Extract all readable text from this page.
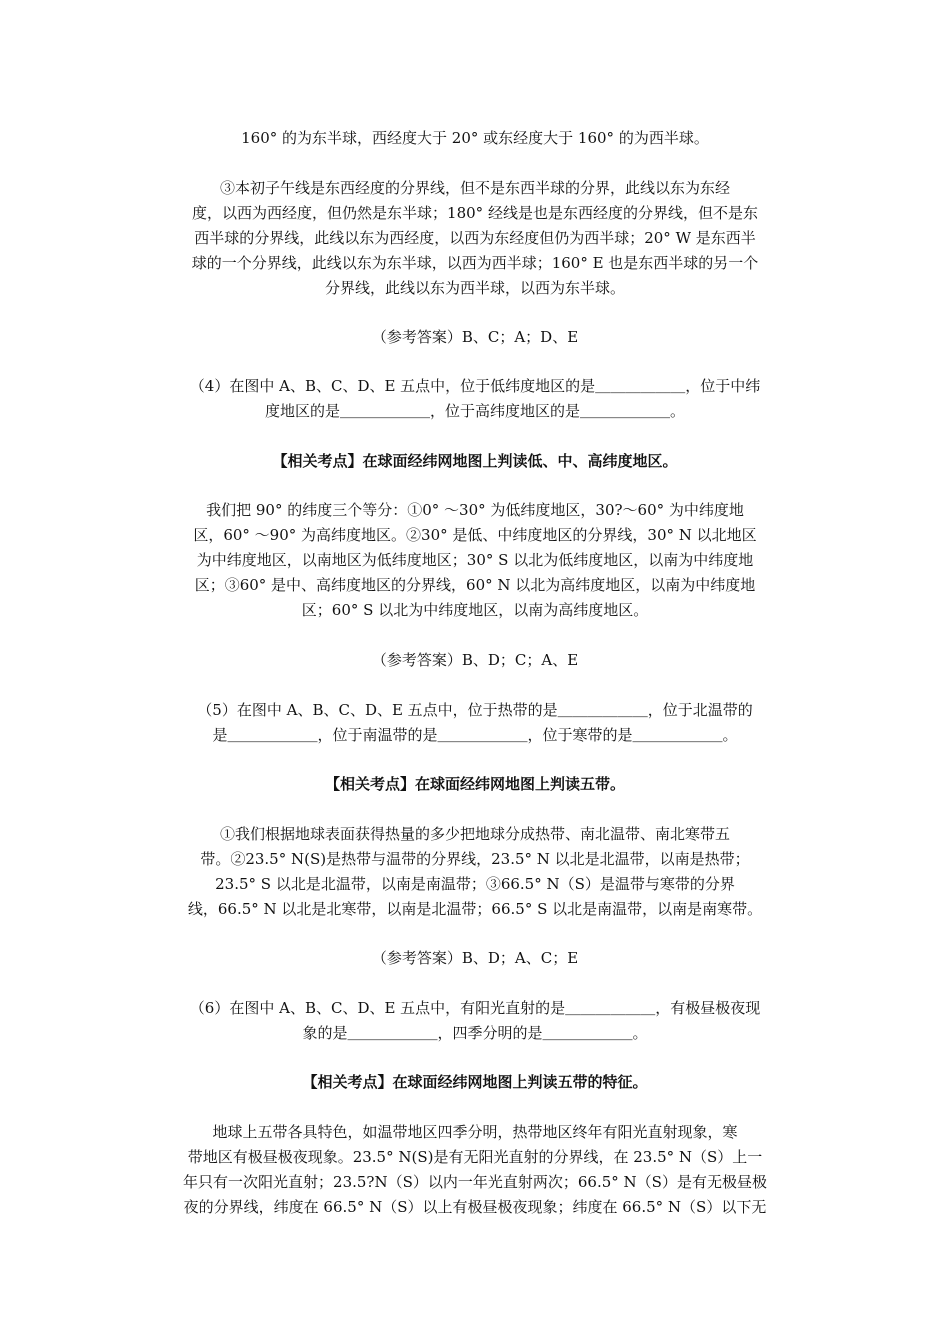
160° 的为东半球，西经度大于 20° 或东经度大于 160° 的为西半球。
③本初子午线是东西经度的分界线，但不是东西半球的分界，此线以东为东经
度，以西为西经度，但仍然是东半球；180° 经线是也是东西经度的分界线，但不是东
西半球的分界线，此线以东为西经度，以西为东经度但仍为西半球；20° W 是东西半
球的一个分界线，此线以东为东半球，以西为西半球；160° E 也是东西半球的另一个
分界线，此线以东为西半球，以西为东半球。
（参考答案）B、C；A；D、E
（4）在图中 A、B、C、D、E 五点中，位于低纬度地区的是＿＿＿＿＿＿，位于中纬
度地区的是＿＿＿＿＿＿，位于高纬度地区的是＿＿＿＿＿＿。
【相关考点】在球面经纬网地图上判读低、中、高纬度地区。
我们把 90° 的纬度三个等分：①0° ～30° 为低纬度地区，30?～60° 为中纬度地
区，60° ～90° 为高纬度地区。②30° 是低、中纬度地区的分界线，30° N 以北地区
为中纬度地区，以南地区为低纬度地区；30° S 以北为低纬度地区，以南为中纬度地
区；③60° 是中、高纬度地区的分界线，60° N 以北为高纬度地区，以南为中纬度地
区；60° S 以北为中纬度地区，以南为高纬度地区。
（参考答案）B、D；C；A、E
（5）在图中 A、B、C、D、E 五点中，位于热带的是＿＿＿＿＿＿，位于北温带的
是＿＿＿＿＿＿，位于南温带的是＿＿＿＿＿＿，位于寒带的是＿＿＿＿＿＿。
【相关考点】在球面经纬网地图上判读五带。
①我们根据地球表面获得热量的多少把地球分成热带、南北温带、南北寒带五
带。②23.5° N(S)是热带与温带的分界线，23.5° N 以北是北温带，以南是热带；
23.5° S 以北是北温带，以南是南温带；③66.5° N（S）是温带与寒带的分界
线，66.5° N 以北是北寒带，以南是北温带；66.5° S 以北是南温带，以南是南寒带。
（参考答案）B、D；A、C；E
（6）在图中 A、B、C、D、E 五点中，有阳光直射的是＿＿＿＿＿＿，有极昼极夜现
象的是＿＿＿＿＿＿，四季分明的是＿＿＿＿＿＿。
【相关考点】在球面经纬网地图上判读五带的特征。
地球上五带各具特色，如温带地区四季分明，热带地区终年有阳光直射现象，寒
带地区有极昼极夜现象。23.5° N(S)是有无阳光直射的分界线，在 23.5° N（S）上一
年只有一次阳光直射；23.5?N（S）以内一年光直射两次；66.5° N（S）是有无极昼极
夜的分界线，纬度在 66.5° N（S）以上有极昼极夜现象；纬度在 66.5° N（S）以下无
